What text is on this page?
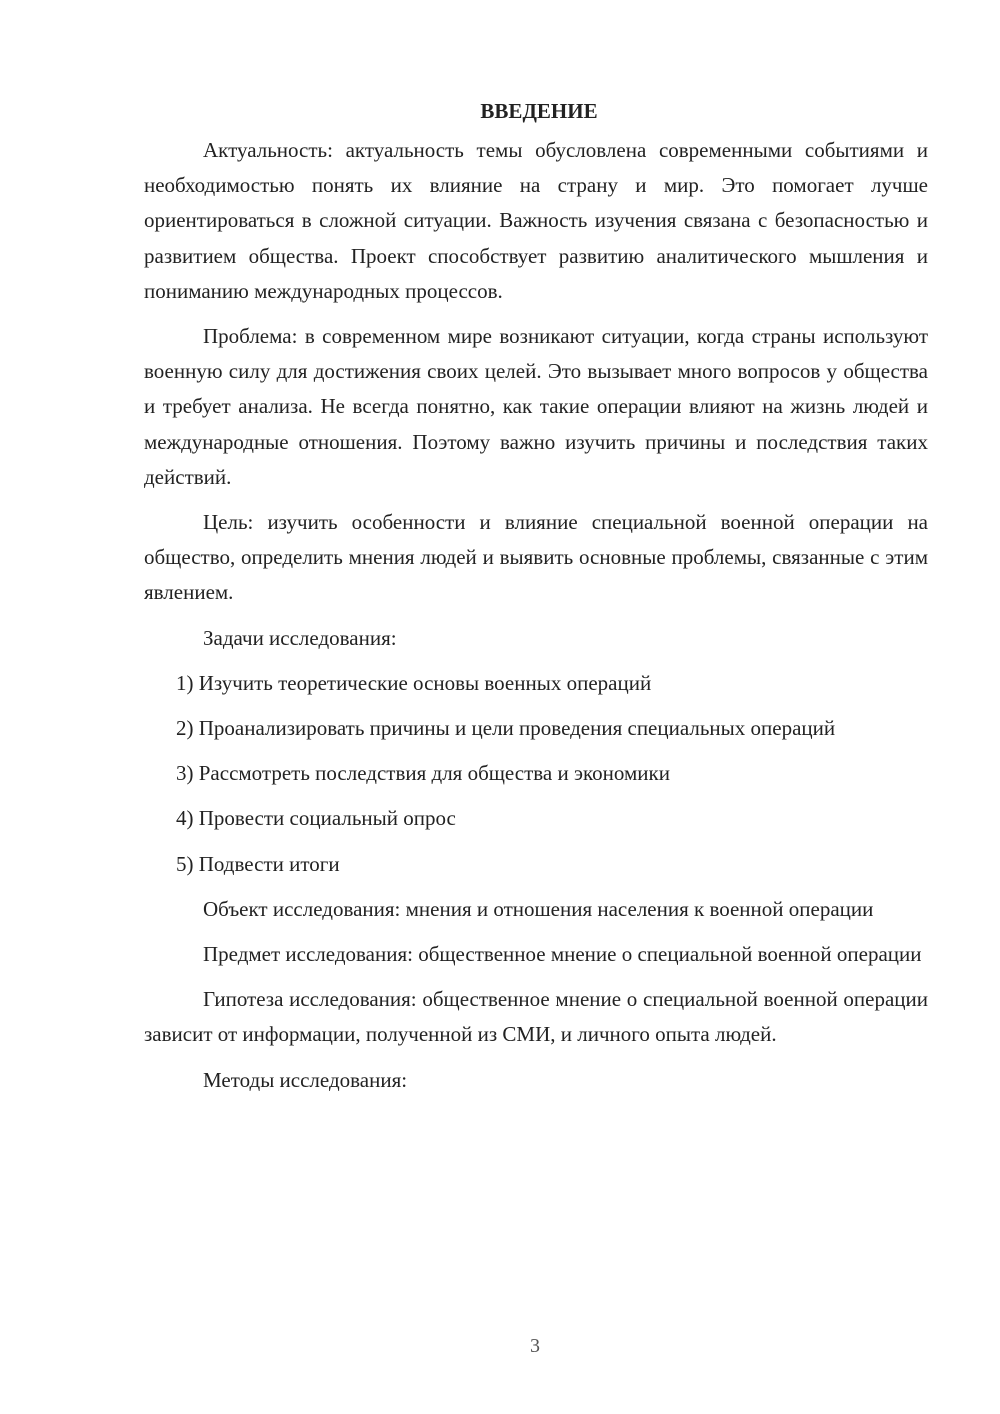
ВВЕДЕНИЕ

Актуальность: актуальность темы обусловлена современными событиями и необходимостью понять их влияние на страну и мир. Это помогает лучше ориентироваться в сложной ситуации. Важность изучения связана с безопасностью и развитием общества. Проект способствует развитию аналитического мышления и пониманию международных процессов.

Проблема: в современном мире возникают ситуации, когда страны используют военную силу для достижения своих целей. Это вызывает много вопросов у общества и требует анализа. Не всегда понятно, как такие операции влияют на жизнь людей и международные отношения. Поэтому важно изучить причины и последствия таких действий.

Цель: изучить особенности и влияние специальной военной операции на общество, определить мнения людей и выявить основные проблемы, связанные с этим явлением.

Задачи исследования:

1) Изучить теоретические основы военных операций

2) Проанализировать причины и цели проведения специальных операций

3) Рассмотреть последствия для общества и экономики

4) Провести социальный опрос

5) Подвести итоги

Объект исследования: мнения и отношения населения к военной операции

Предмет исследования: общественное мнение о специальной военной операции

Гипотеза исследования: общественное мнение о специальной военной операции зависит от информации, полученной из СМИ, и личного опыта людей.

Методы исследования:

3
